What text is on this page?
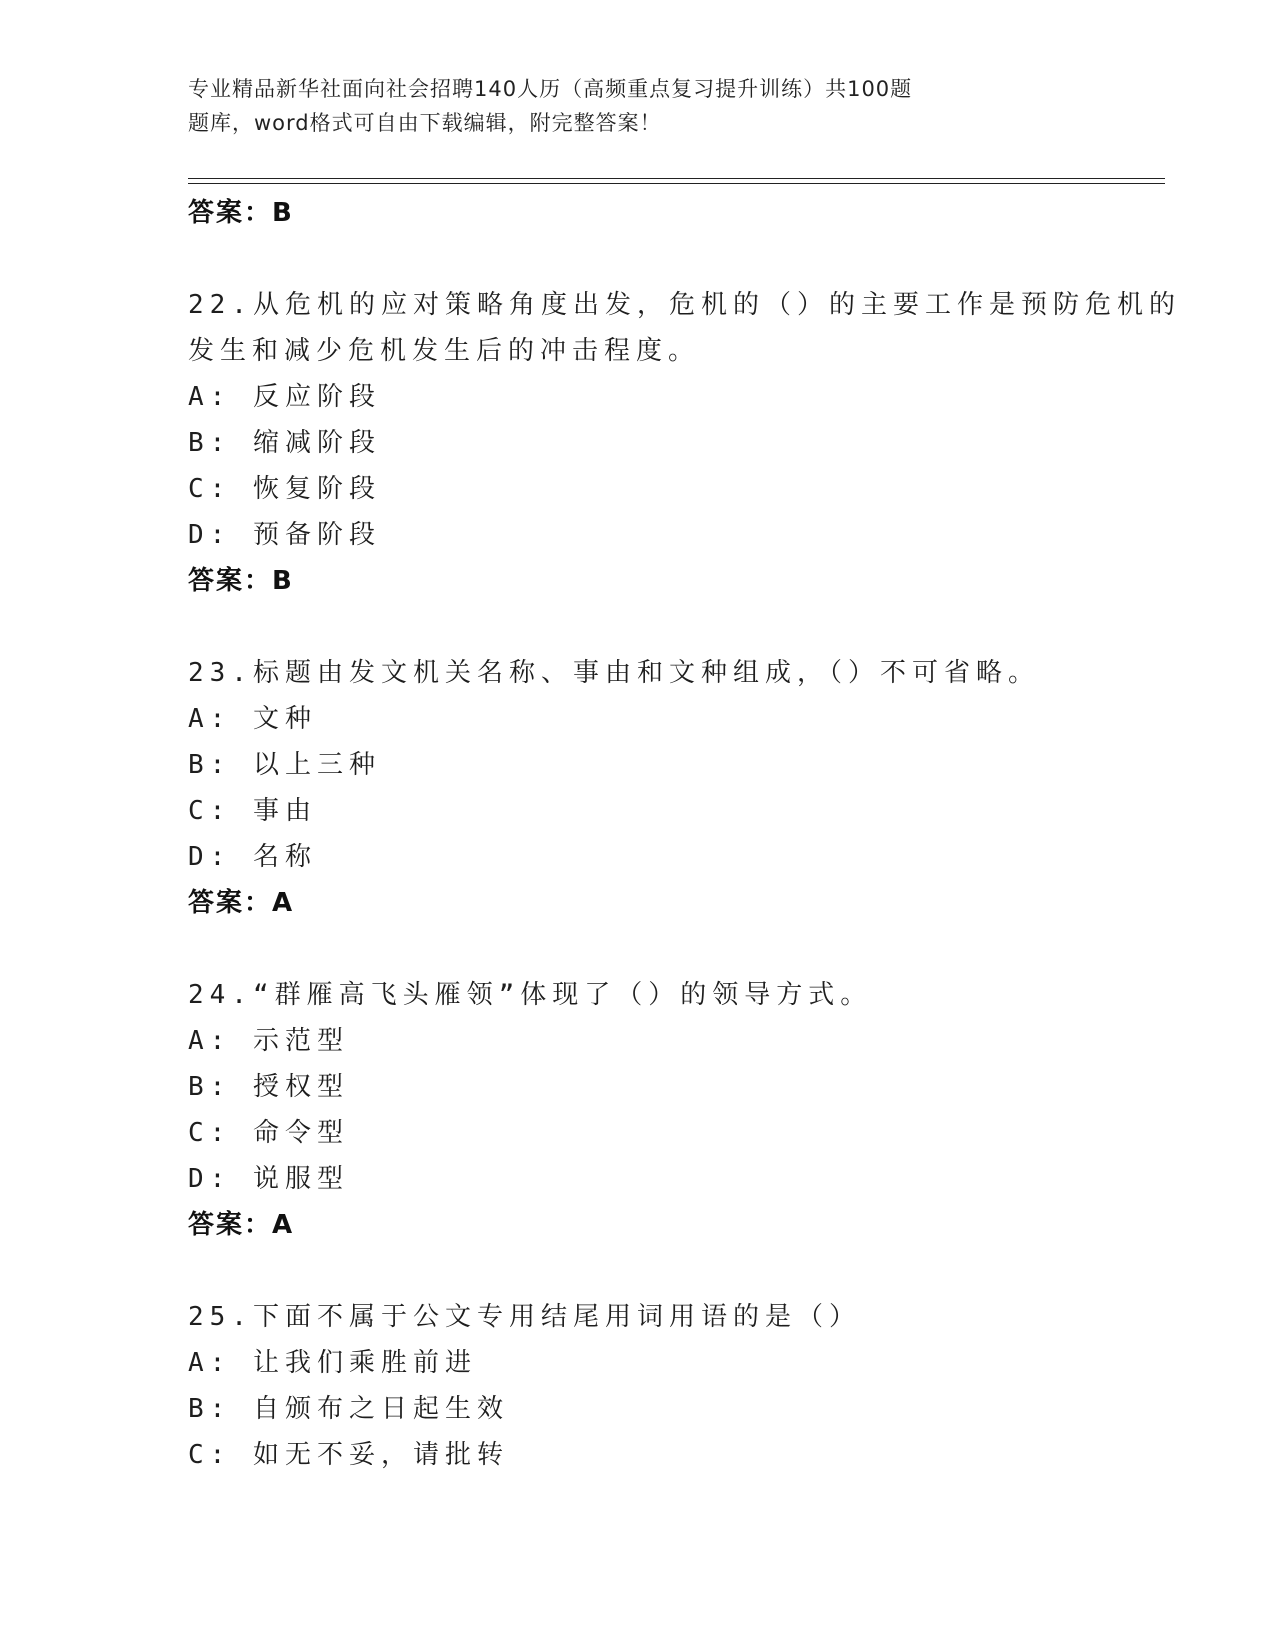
专业精品新华社面向社会招聘140人历（高频重点复习提升训练）共100题
题库，word格式可自由下载编辑，附完整答案！
答案：B
22.从危机的应对策略角度出发，危机的（）的主要工作是预防危机的
发生和减少危机发生后的冲击程度。
A: 反应阶段
B: 缩减阶段
C: 恢复阶段
D: 预备阶段
答案：B
23.标题由发文机关名称、事由和文种组成，（）不可省略。
A: 文种
B: 以上三种
C: 事由
D: 名称
答案：A
24.“群雁高飞头雁领”体现了（）的领导方式。
A: 示范型
B: 授权型
C: 命令型
D: 说服型
答案：A
25.下面不属于公文专用结尾用词用语的是（）
A: 让我们乘胜前进
B: 自颁布之日起生效
C: 如无不妥，请批转
